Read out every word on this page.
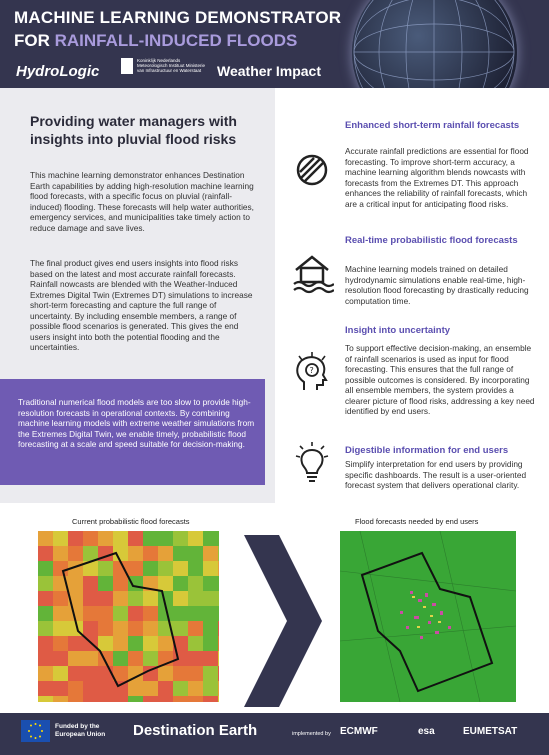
MACHINE LEARNING DEMONSTRATOR
FOR RAINFALL-INDUCED FLOODS
HydroLogic
Koninklijk Nederlands Meteorologisch Instituut Ministerie van Infrastructuur en Waterstaat	Weather Impact
Providing water managers with insights into pluvial flood risks

This machine learning demonstrator enhances Destination Earth capabilities by adding high-resolution machine learning flood forecasts, with a specific focus on pluvial (rainfall-induced) flooding. These forecasts will help water authorities, emergency services, and municipalities take timely action to reduce damage and save lives.

The final product gives end users insights into flood risks based on the latest and most accurate rainfall forecasts. Rainfall nowcasts are blended with the Weather-Induced Extremes Digital Twin (Extremes DT) simulations to increase short-term forecasting and capture the full range of uncertainty. By including ensemble members, a range of possible flood scenarios is generated. This gives the end users insight into both the potential flooding and the uncertainties.

Traditional numerical flood models are too slow to provide high-resolution forecasts in operational contexts. By combining machine learning models with extreme weather simulations from the Extremes Digital Twin, we enable timely, probabilistic flood forecasting at a scale and speed suitable for decision-making.

Enhanced short-term rainfall forecasts

Accurate rainfall predictions are essential for flood forecasting. To improve short-term accuracy, a machine learning algorithm blends nowcasts with forecasts from the Extremes DT. This approach enhances the reliability of rainfall forecasts, which are a critical input for anticipating flood risks.

Real-time probabilistic flood forecasts

Machine learning models trained on detailed hydrodynamic simulations enable real-time, high-resolution flood forecasting by drastically reducing computation time.

?
Insight into uncertainty

To support effective decision-making, an ensemble of rainfall scenarios is used as input for flood forecasting. This ensures that the full range of possible outcomes is considered. By incorporating all ensemble members, the system provides a clearer picture of flood risks, addressing a key need identified by end users.

Digestible information for end users

Simplify interpretation for end users by providing specific dashboards. The result is a user-oriented forecast system that delivers operational clarity.

Current probabilistic flood forecasts	Flood forecasts needed by end users
Funded by the European Union	Destination Earth	implemented by ECMWF	esa	EUMETSAT
